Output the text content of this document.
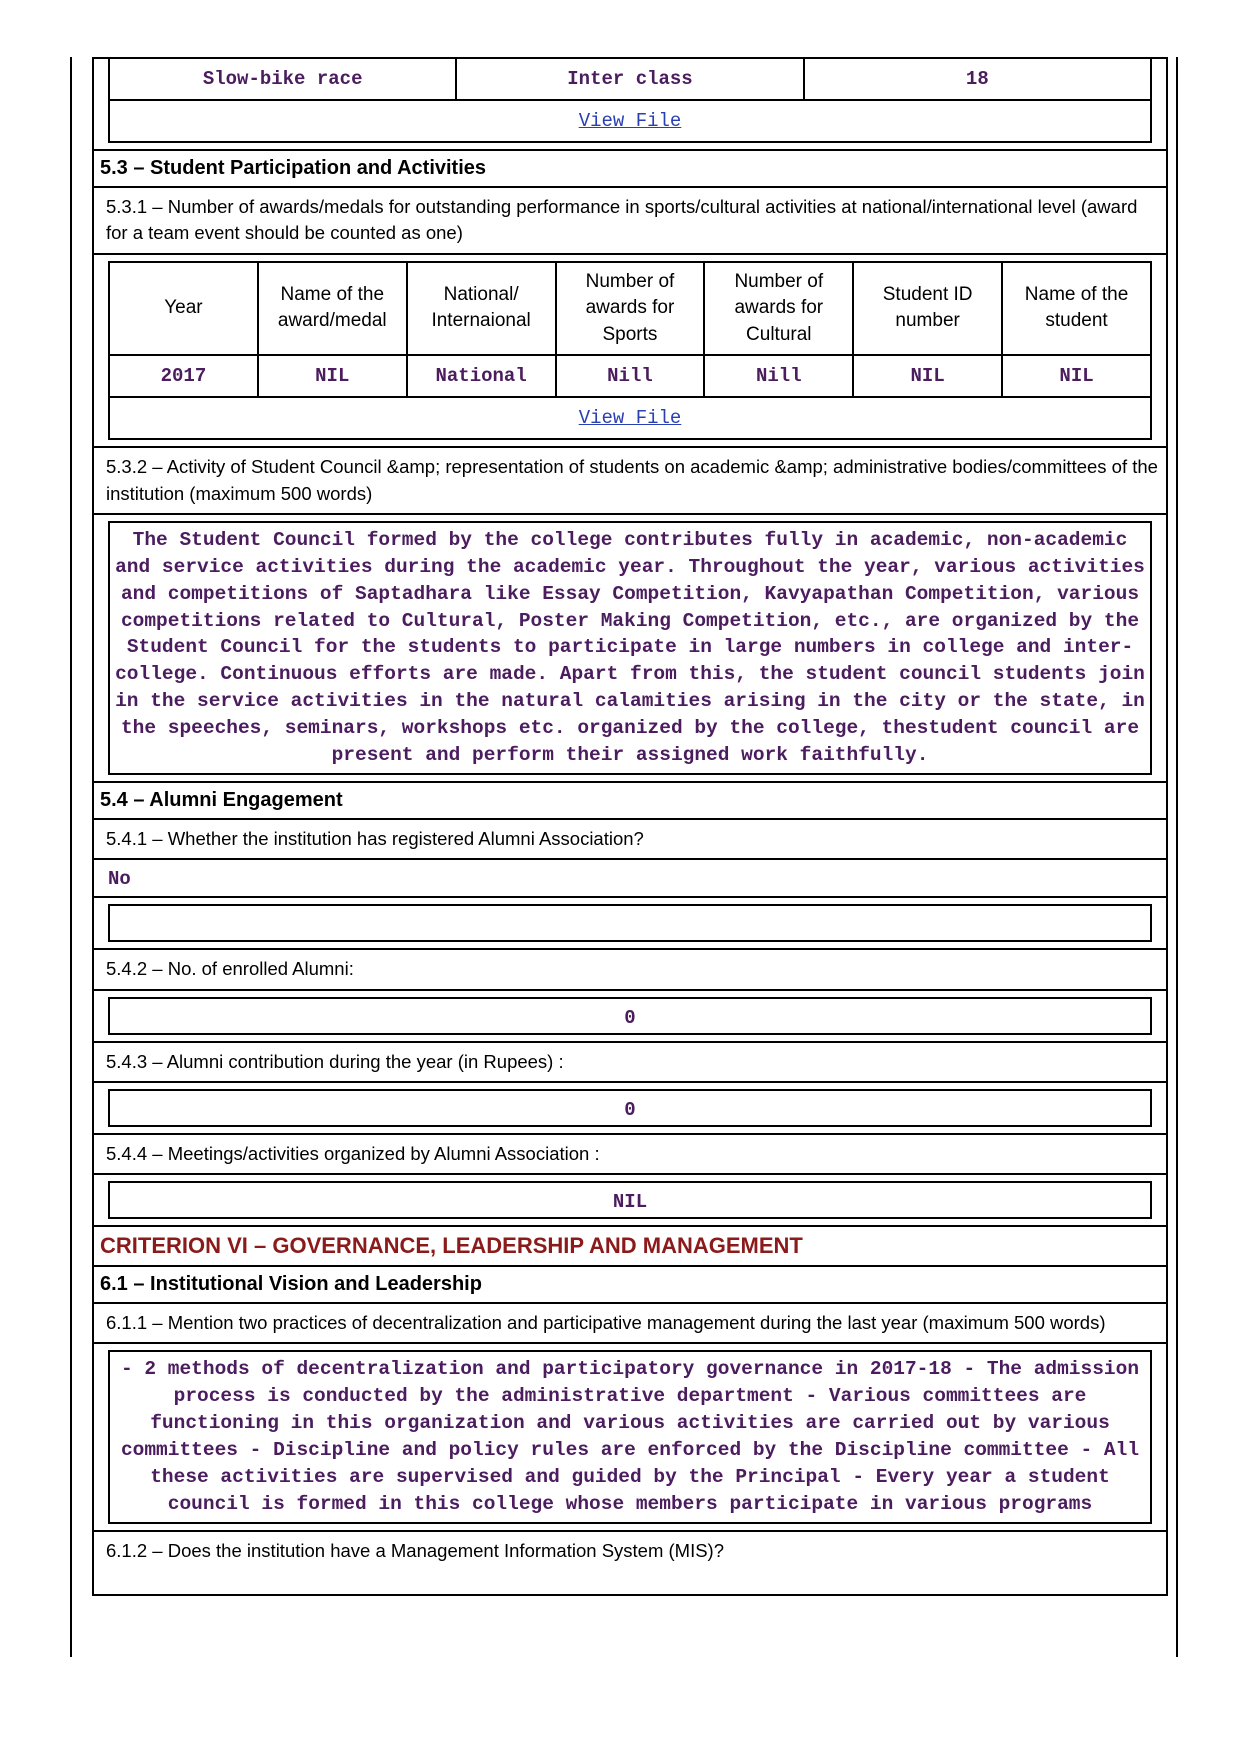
Slow-bike race	Inter class	18
View File
5.3 – Student Participation and Activities
5.3.1 – Number of awards/medals for outstanding performance in sports/cultural activities at national/international level (award for a team event should be counted as one)
Year	Name of the award/medal	National/ Internaional	Number of awards for Sports	Number of awards for Cultural	Student ID number	Name of the student
2017	NIL	National	Nill	Nill	NIL	NIL
View File						
5.3.2 – Activity of Student Council &amp; representation of students on academic &amp; administrative bodies/committees of the institution (maximum 500 words)
The Student Council formed by the college contributes fully in academic, non-academic and service activities during the academic year. Throughout the year, various activities and competitions of Saptadhara like Essay Competition, Kavyapathan Competition, various competitions related to Cultural, Poster Making Competition, etc., are organized by the Student Council for the students to participate in large numbers in college and inter-college. Continuous efforts are made. Apart from this, the student council students join in the service activities in the natural calamities arising in the city or the state, in the speeches, seminars, workshops etc. organized by the college, thestudent council are present and perform their assigned work faithfully.
5.4 – Alumni Engagement
5.4.1 – Whether the institution has registered Alumni Association?
No
5.4.2 – No. of enrolled Alumni:
0
5.4.3 – Alumni contribution during the year (in Rupees) :
0
5.4.4 – Meetings/activities organized by Alumni Association :
NIL
CRITERION VI – GOVERNANCE, LEADERSHIP AND MANAGEMENT
6.1 – Institutional Vision and Leadership
6.1.1 – Mention two practices of decentralization and participative management during the last year (maximum 500 words)
- 2 methods of decentralization and participatory governance in 2017-18 - The admission process is conducted by the administrative department - Various committees are functioning in this organization and various activities are carried out by various committees - Discipline and policy rules are enforced by the Discipline committee - All these activities are supervised and guided by the Principal - Every year a student council is formed in this college whose members participate in various programs
6.1.2 – Does the institution have a Management Information System (MIS)?
